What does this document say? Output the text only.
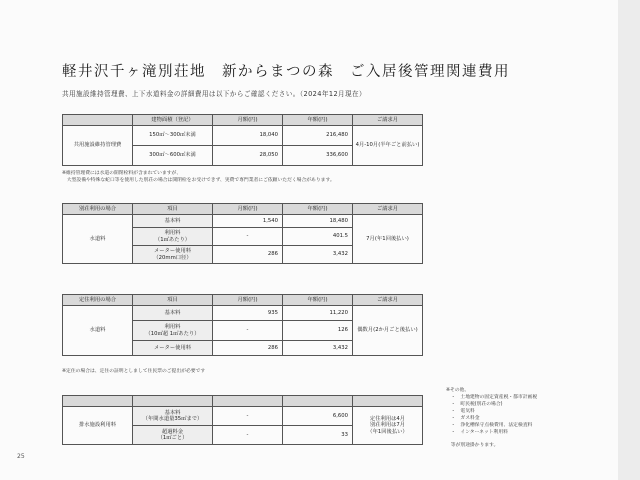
軽井沢千ヶ滝別荘地　新からまつの森　ご入居後管理関連費用
共用施設維持管理費、上下水道料金の詳細費用は以下からご確認ください。（2024年12月現在）
	建物面積（登記）	月額(円)	年額(円)	ご請求月
共用施設維持管理費	150㎡～300㎡未満	18,040	216,480	4月-10月(半年ごと前払い)
	300㎡～600㎡未満	28,050	336,600	
※維持管理費には水道の開閉栓料が含まれていますが、
　大型設備や特殊な蛇口等を使用した別荘の場合は開閉栓をお受けできず、実費で専門業者にご依頼いただく場合があります。
別荘利用の場合	項目	月額(円)	年額(円)	ご請求月
水道料	基本料	1,540	18,480	7月(年1回後払い)
	利用料
（1㎥あたり）	-	401.5	
	メーター使用料
（20mm口径）	286	3,432	
定住利用の場合	項目	月額(円)	年額(円)	ご請求月
水道料	基本料	935	11,220	偶数月(2か月ごと後払い)
	利用料
（10㎥超 1㎥あたり）	-	126	
	メーター使用料	286	3,432	
※定住の場合は、定住の証明としまして住民票のご提出が必要です

排水施設利用料	基本料
（年間水道量35㎥まで）	-	6,600	定住利用は4月
別荘利用は7月
（年1回後払い）
	超過料金
（1㎥ごと）	-	33	
※その他、
　・　土地建物の固定資産税・都市計画税
　・　町民税(別荘の場合)
　・　電気料
　・　ガス料金
　・　浄化槽保守点検費用、法定検査料
　・　インターネット利用料
　等が別途掛かります。
25
